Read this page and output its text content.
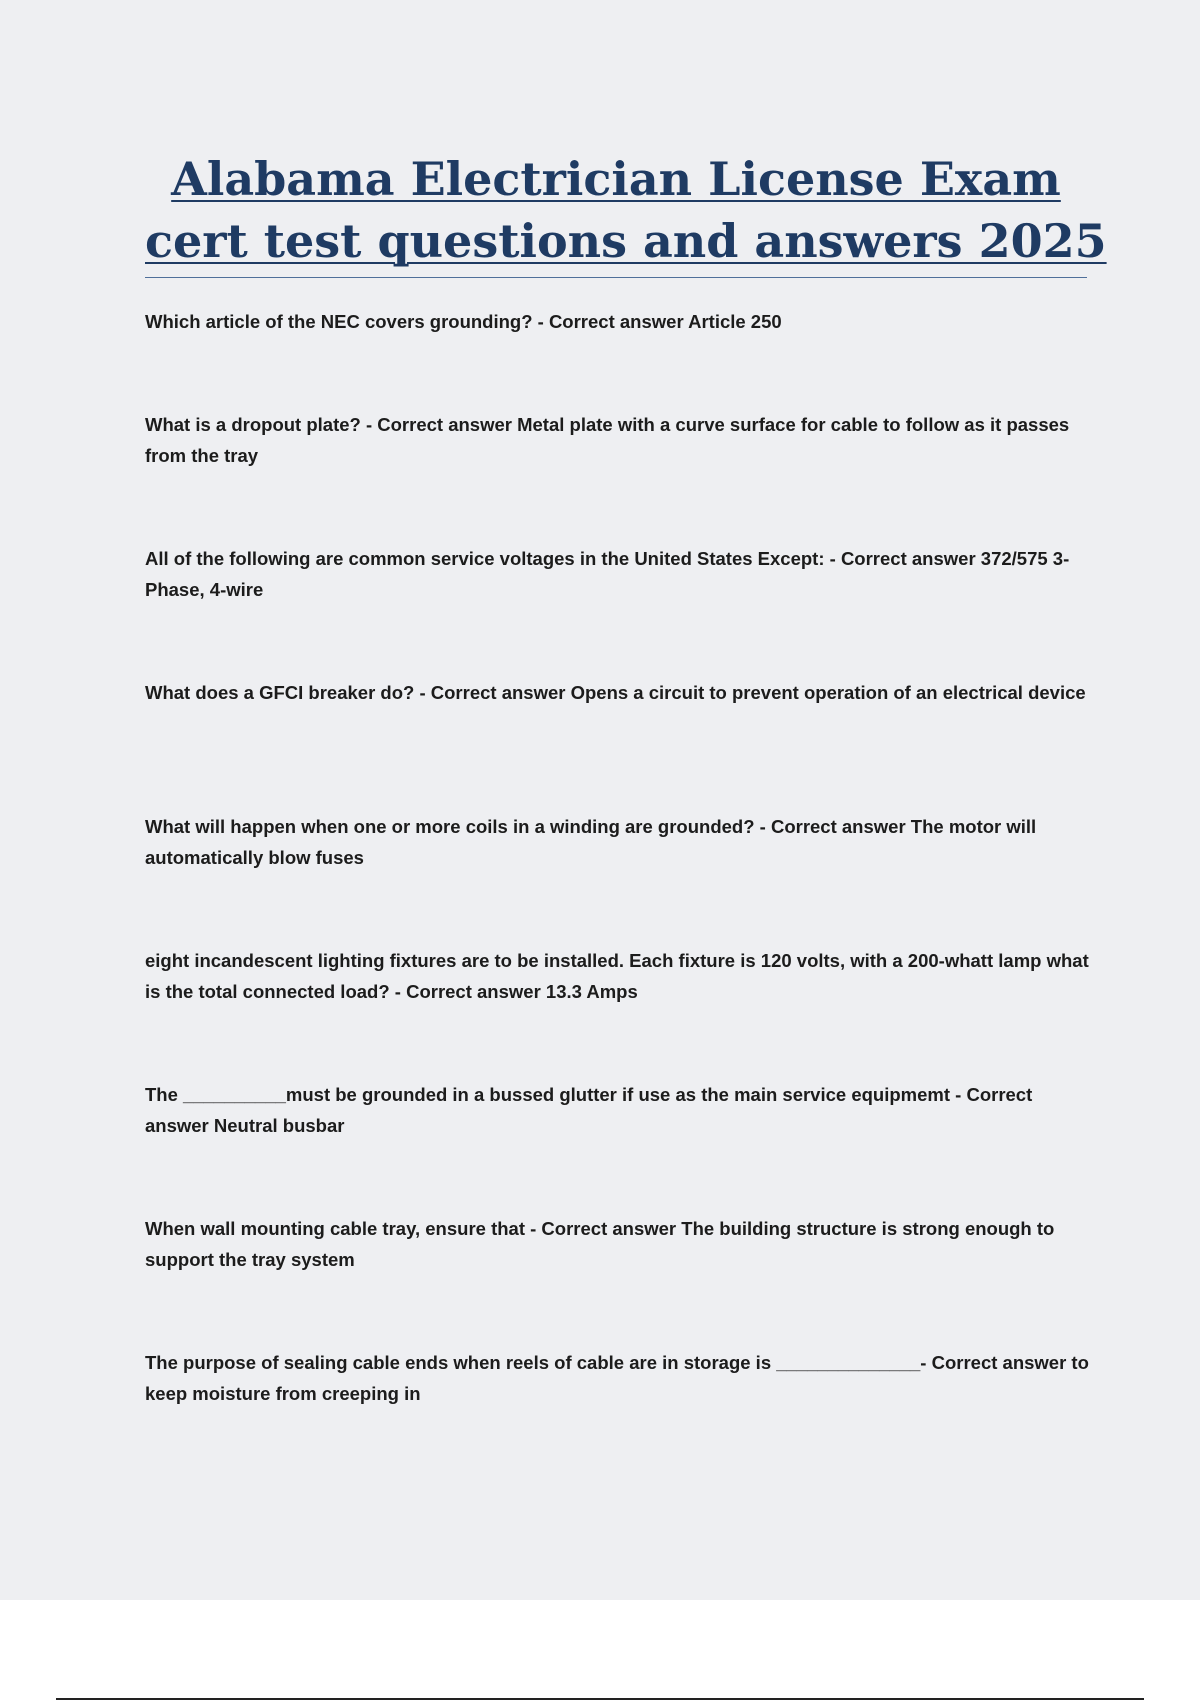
Alabama Electrician License Exam
cert test questions and answers 2025
Which article of the NEC covers grounding? - Correct answer Article 250
What is a dropout plate? - Correct answer Metal plate with a curve surface for cable to follow as it passes from the tray
All of the following are common service voltages in the United States Except: - Correct answer 372/575 3-Phase, 4-wire
What does a GFCI breaker do? - Correct answer Opens a circuit to prevent operation of an electrical device
What will happen when one or more coils in a winding are grounded? - Correct answer The motor will automatically blow fuses
eight incandescent lighting fixtures are to be installed. Each fixture is 120 volts, with a 200-whatt lamp what is the total connected load? - Correct answer 13.3 Amps
The __________must be grounded in a bussed glutter if use as the main service equipmemt - Correct answer Neutral busbar
When wall mounting cable tray, ensure that - Correct answer The building structure is strong enough to support the tray system
The purpose of sealing cable ends when reels of cable are in storage is ______________- Correct answer to keep moisture from creeping in
